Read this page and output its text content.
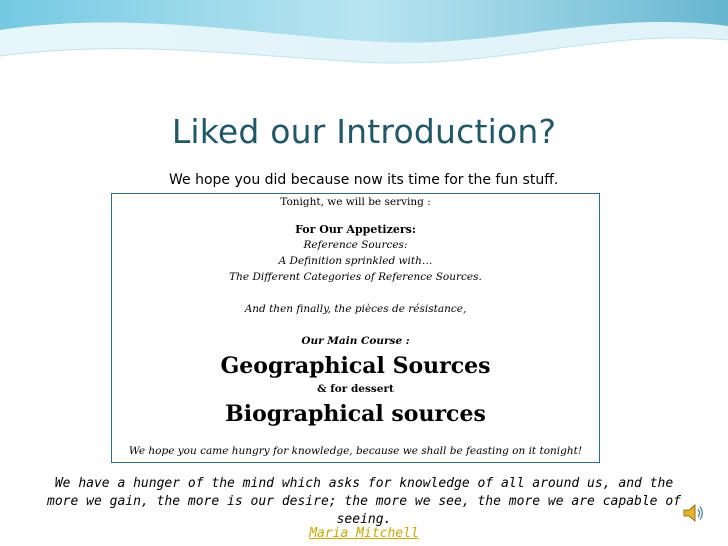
Liked our Introduction?
We hope you did because now its time for the fun stuff.
Tonight, we will be serving :
For Our Appetizers:
Reference Sources:
A Definition sprinkled with…
The Different Categories of Reference Sources.
And then finally, the pièces de résistance,
Our Main Course :
Geographical Sources
& for dessert
Biographical sources
We hope you came hungry for knowledge, because we shall be feasting on it tonight!
We have a hunger of the mind which asks for knowledge of all around us, and the more we gain, the more is our desire; the more we see, the more we are capable of seeing.
Maria Mitchell
